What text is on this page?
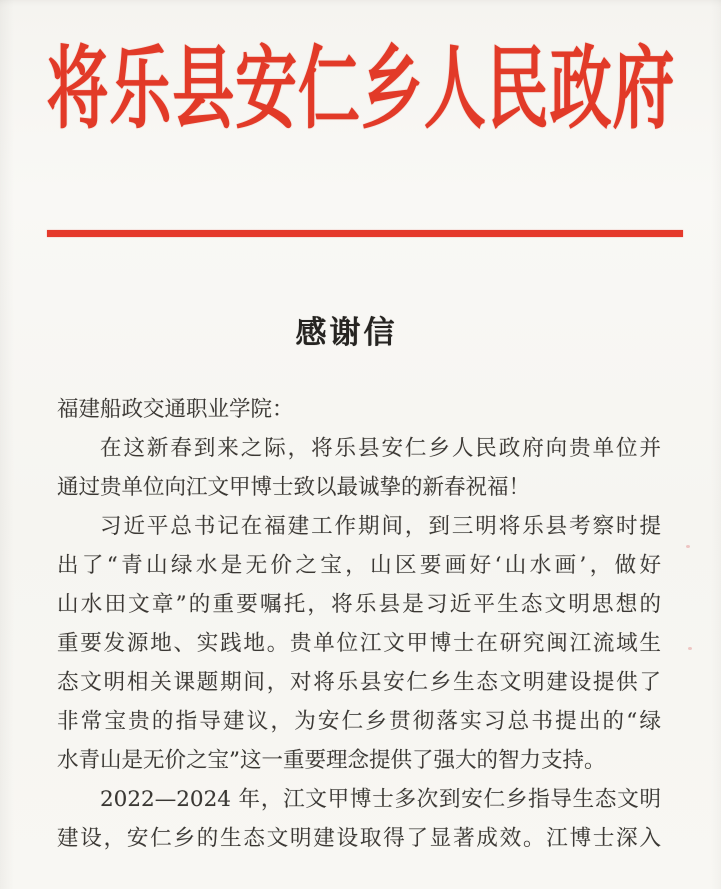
将乐县安仁乡人民政府
感谢信

福建船政交通职业学院：

在这新春到来之际，将乐县安仁乡人民政府向贵单位并

通过贵单位向江文甲博士致以最诚挚的新春祝福！

习近平总书记在福建工作期间，到三明将乐县考察时提

出了“青山绿水是无价之宝，山区要画好‘山水画’，做好

山水田文章”的重要嘱托，将乐县是习近平生态文明思想的

重要发源地、实践地。贵单位江文甲博士在研究闽江流域生

态文明相关课题期间，对将乐县安仁乡生态文明建设提供了

非常宝贵的指导建议，为安仁乡贯彻落实习总书提出的“绿

水青山是无价之宝”这一重要理念提供了强大的智力支持。

2022—2024 年，江文甲博士多次到安仁乡指导生态文明

建设，安仁乡的生态文明建设取得了显著成效。江博士深入
